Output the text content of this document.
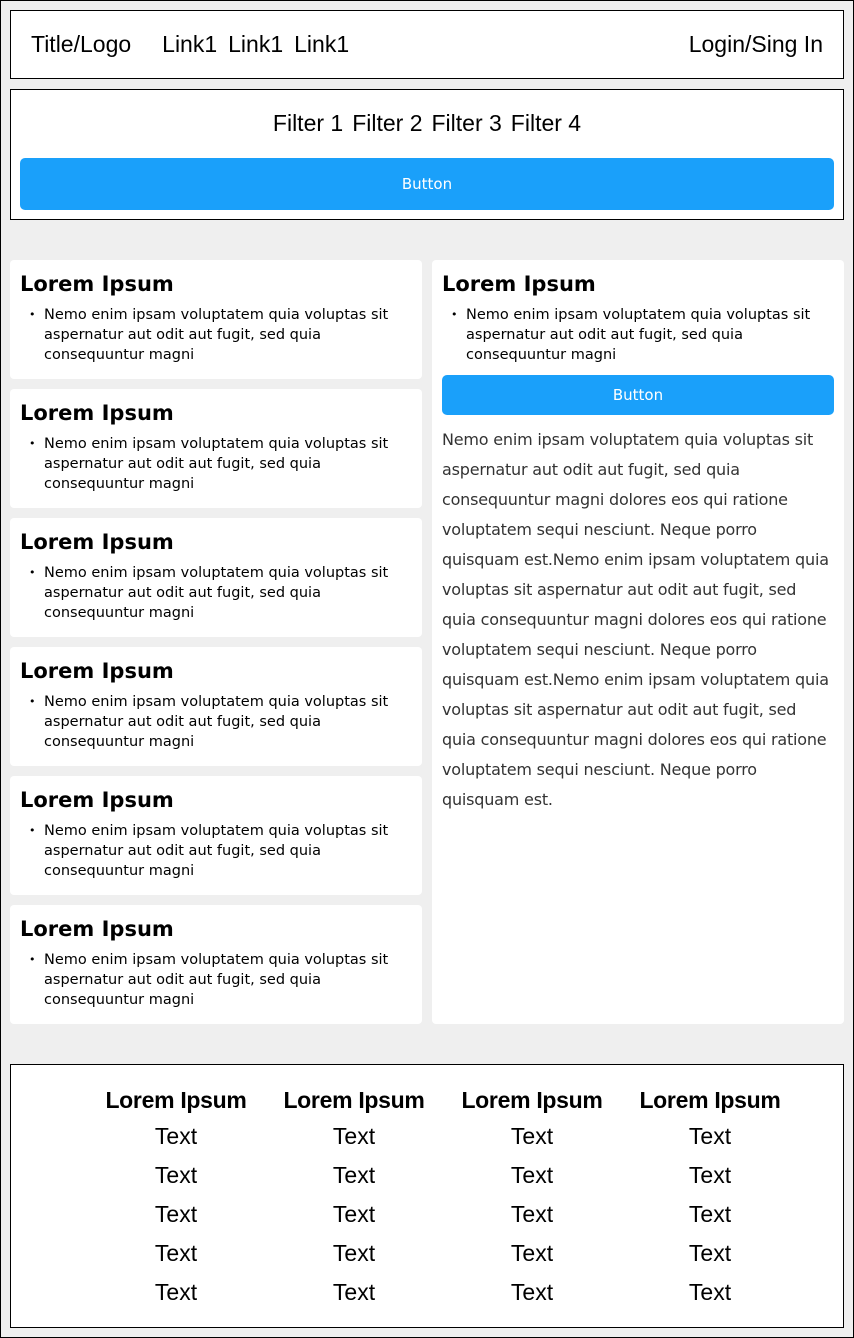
Title/Logo Link1 Link1 Link1	Login/Sing In
Filter 1 Filter 2 Filter 3 Filter 4
Button
Lorem Ipsum
• Nemo enim ipsam voluptatem quia voluptas sit aspernatur aut odit aut fugit, sed quia consequuntur magni
Lorem Ipsum
• Nemo enim ipsam voluptatem quia voluptas sit aspernatur aut odit aut fugit, sed quia consequuntur magni
Lorem Ipsum
• Nemo enim ipsam voluptatem quia voluptas sit aspernatur aut odit aut fugit, sed quia consequuntur magni
Lorem Ipsum
• Nemo enim ipsam voluptatem quia voluptas sit aspernatur aut odit aut fugit, sed quia consequuntur magni
Lorem Ipsum
• Nemo enim ipsam voluptatem quia voluptas sit aspernatur aut odit aut fugit, sed quia consequuntur magni
Lorem Ipsum
• Nemo enim ipsam voluptatem quia voluptas sit aspernatur aut odit aut fugit, sed quia consequuntur magni
Lorem Ipsum
• Nemo enim ipsam voluptatem quia voluptas sit aspernatur aut odit aut fugit, sed quia consequuntur magni
Button

Nemo enim ipsam voluptatem quia voluptas sit aspernatur aut odit aut fugit, sed quia consequuntur magni dolores eos qui ratione voluptatem sequi nesciunt. Neque porro quisquam est.Nemo enim ipsam voluptatem quia voluptas sit aspernatur aut odit aut fugit, sed quia consequuntur magni dolores eos qui ratione voluptatem sequi nesciunt. Neque porro quisquam est.Nemo enim ipsam voluptatem quia voluptas sit aspernatur aut odit aut fugit, sed quia consequuntur magni dolores eos qui ratione voluptatem sequi nesciunt. Neque porro quisquam est.

Lorem Ipsum	Lorem Ipsum	Lorem Ipsum	Lorem Ipsum
Text	Text	Text	Text
Text	Text	Text	Text
Text	Text	Text	Text
Text	Text	Text	Text
Text	Text	Text	Text
